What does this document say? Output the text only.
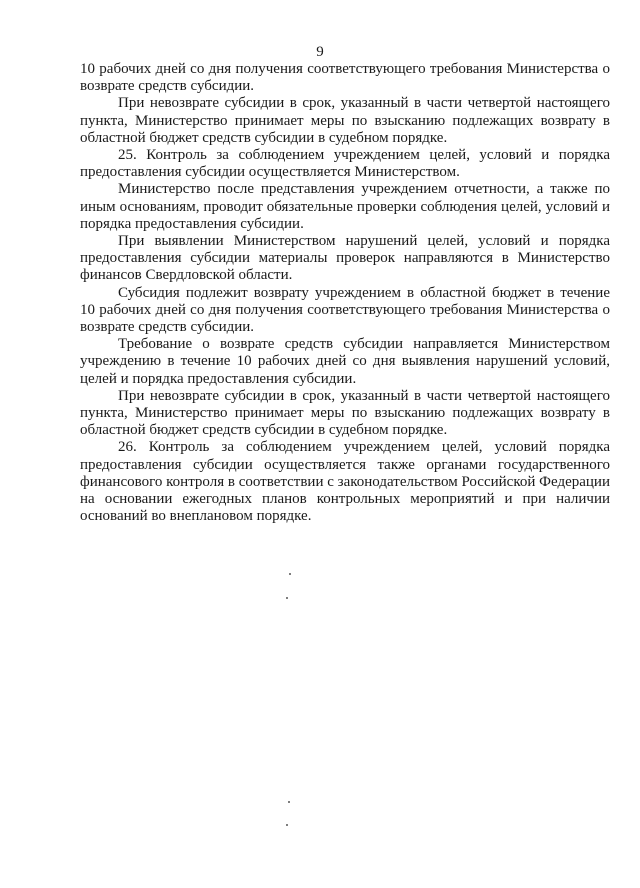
9

10 рабочих дней со дня получения соответствующего требования Министерства о возврате средств субсидии.

При невозврате субсидии в срок, указанный в части четвертой настоящего пункта, Министерство принимает меры по взысканию подлежащих возврату в областной бюджет средств субсидии в судебном порядке.

25. Контроль за соблюдением учреждением целей, условий и порядка предоставления субсидии осуществляется Министерством.

Министерство после представления учреждением отчетности, а также по иным основаниям, проводит обязательные проверки соблюдения целей, условий и порядка предоставления субсидии.

При выявлении Министерством нарушений целей, условий и порядка предоставления субсидии материалы проверок направляются в Министерство финансов Свердловской области.

Субсидия подлежит возврату учреждением в областной бюджет в течение 10 рабочих дней со дня получения соответствующего требования Министерства о возврате средств субсидии.

Требование о возврате средств субсидии направляется Министерством учреждению в течение 10 рабочих дней со дня выявления нарушений условий, целей и порядка предоставления субсидии.

При невозврате субсидии в срок, указанный в части четвертой настоящего пункта, Министерство принимает меры по взысканию подлежащих возврату в областной бюджет средств субсидии в судебном порядке.

26. Контроль за соблюдением учреждением целей, условий порядка предоставления субсидии осуществляется также органами государственного финансового контроля в соответствии с законодательством Российской Федерации на основании ежегодных планов контрольных мероприятий и при наличии оснований во внеплановом порядке.
